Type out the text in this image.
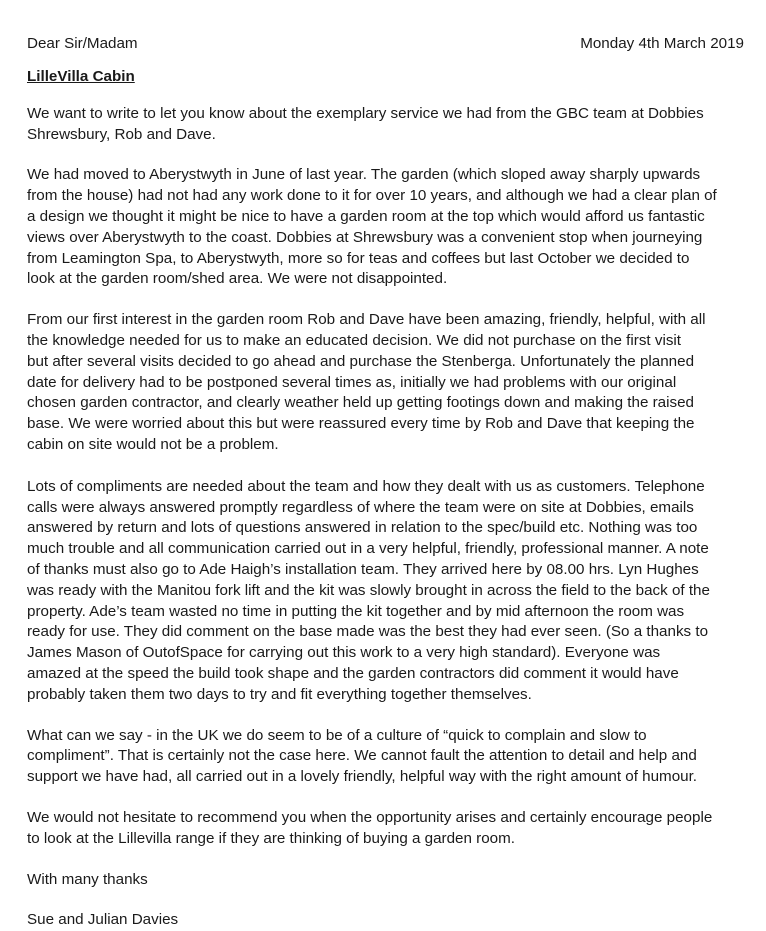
Dear Sir/Madam	Monday 4th March 2019
LilleVilla Cabin
We want to write to let you know about the exemplary service we had from the GBC team at Dobbies
Shrewsbury, Rob and Dave.
We had moved to Aberystwyth in June of last year. The garden (which sloped away sharply upwards
from the house) had not had any work done to it for over 10 years, and although we had a clear plan of
a design we thought it might be nice to have a garden room at the top which would afford us fantastic
views over Aberystwyth to the coast. Dobbies at Shrewsbury was a convenient stop when journeying
from Leamington Spa, to Aberystwyth, more so for teas and coffees but last October we decided to
look at the garden room/shed area. We were not disappointed.
From our first interest in the garden room Rob and Dave have been amazing, friendly, helpful, with all
the knowledge needed for us to make an educated decision. We did not purchase on the first visit
but after several visits decided to go ahead and purchase the Stenberga. Unfortunately the planned
date for delivery had to be postponed several times as, initially we had problems with our original
chosen garden contractor, and clearly weather held up getting footings down and making the raised
base. We were worried about this but were reassured every time by Rob and Dave that keeping the
cabin on site would not be a problem.
Lots of compliments are needed about the team and how they dealt with us as customers. Telephone
calls were always answered promptly regardless of where the team were on site at Dobbies, emails
answered by return and lots of questions answered in relation to the spec/build etc. Nothing was too
much trouble and all communication carried out in a very helpful, friendly, professional manner. A note
of thanks must also go to Ade Haigh’s installation team. They arrived here by 08.00 hrs. Lyn Hughes
was ready with the Manitou fork lift and the kit was slowly brought in across the field to the back of the
property. Ade’s team wasted no time in putting the kit together and by mid afternoon the room was
ready for use. They did comment on the base made was the best they had ever seen. (So a thanks to
James Mason of OutofSpace for carrying out this work to a very high standard). Everyone was
amazed at the speed the build took shape and the garden contractors did comment it would have
probably taken them two days to try and fit everything together themselves.
What can we say - in the UK we do seem to be of a culture of “quick to complain and slow to
compliment”. That is certainly not the case here. We cannot fault the attention to detail and help and
support we have had, all carried out in a lovely friendly, helpful way with the right amount of humour.
We would not hesitate to recommend you when the opportunity arises and certainly encourage people
to look at the Lillevilla range if they are thinking of buying a garden room.
With many thanks
Sue and Julian Davies
